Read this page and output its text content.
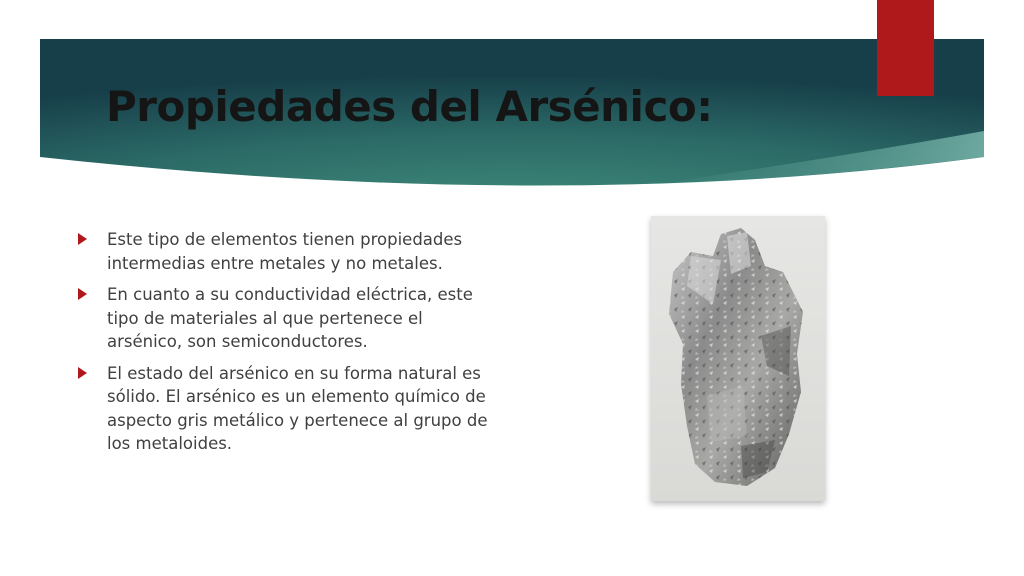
Propiedades del Arsénico:
Este tipo de elementos tienen propiedades intermedias entre metales y no metales.
En cuanto a su conductividad eléctrica, este tipo de materiales al que pertenece el arsénico, son semiconductores.
El estado del arsénico en su forma natural es sólido. El arsénico es un elemento químico de aspecto gris metálico y pertenece al grupo de los metaloides.
